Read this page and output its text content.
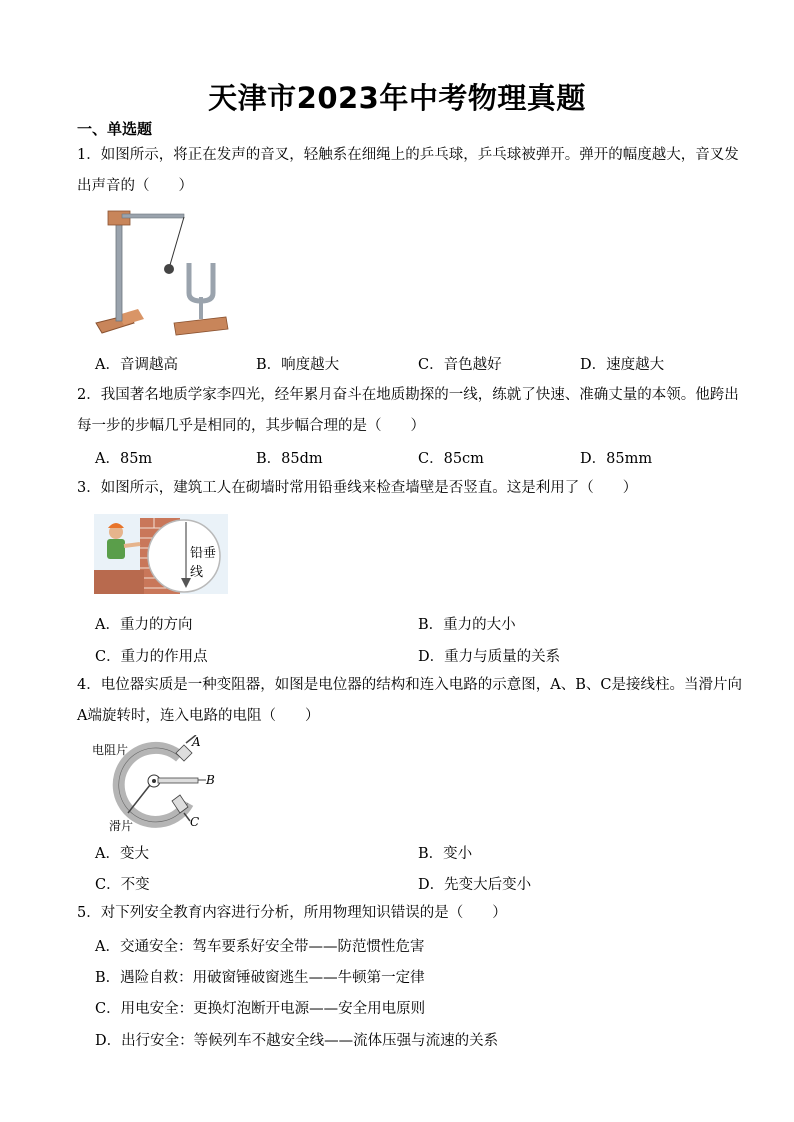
天津市2023年中考物理真题
一、单选题
1．如图所示，将正在发声的音叉，轻触系在细绳上的乒乓球，乒乓球被弹开。弹开的幅度越大，音叉发出声音的（　　）
A．音调越高	B．响度越大	C．音色越好	D．速度越大
2．我国著名地质学家李四光，经年累月奋斗在地质勘探的一线，练就了快速、准确丈量的本领。他跨出每一步的步幅几乎是相同的，其步幅合理的是（　　）
A．85m	B．85dm	C．85cm	D．85mm
3．如图所示，建筑工人在砌墙时常用铅垂线来检查墙壁是否竖直。这是利用了（　　）
铅垂线
A．重力的方向	B．重力的大小
C．重力的作用点	D．重力与质量的关系
4．电位器实质是一种变阻器，如图是电位器的结构和连入电路的示意图，A、B、C是接线柱。当滑片向A端旋转时，连入电路的电阻（　　）
电阻片
滑片
A
B
C
A．变大	B．变小
C．不变	D．先变大后变小
5．对下列安全教育内容进行分析，所用物理知识错误的是（　　）
A．交通安全：驾车要系好安全带——防范惯性危害
B．遇险自救：用破窗锤破窗逃生——牛顿第一定律
C．用电安全：更换灯泡断开电源——安全用电原则
D．出行安全：等候列车不越安全线——流体压强与流速的关系
